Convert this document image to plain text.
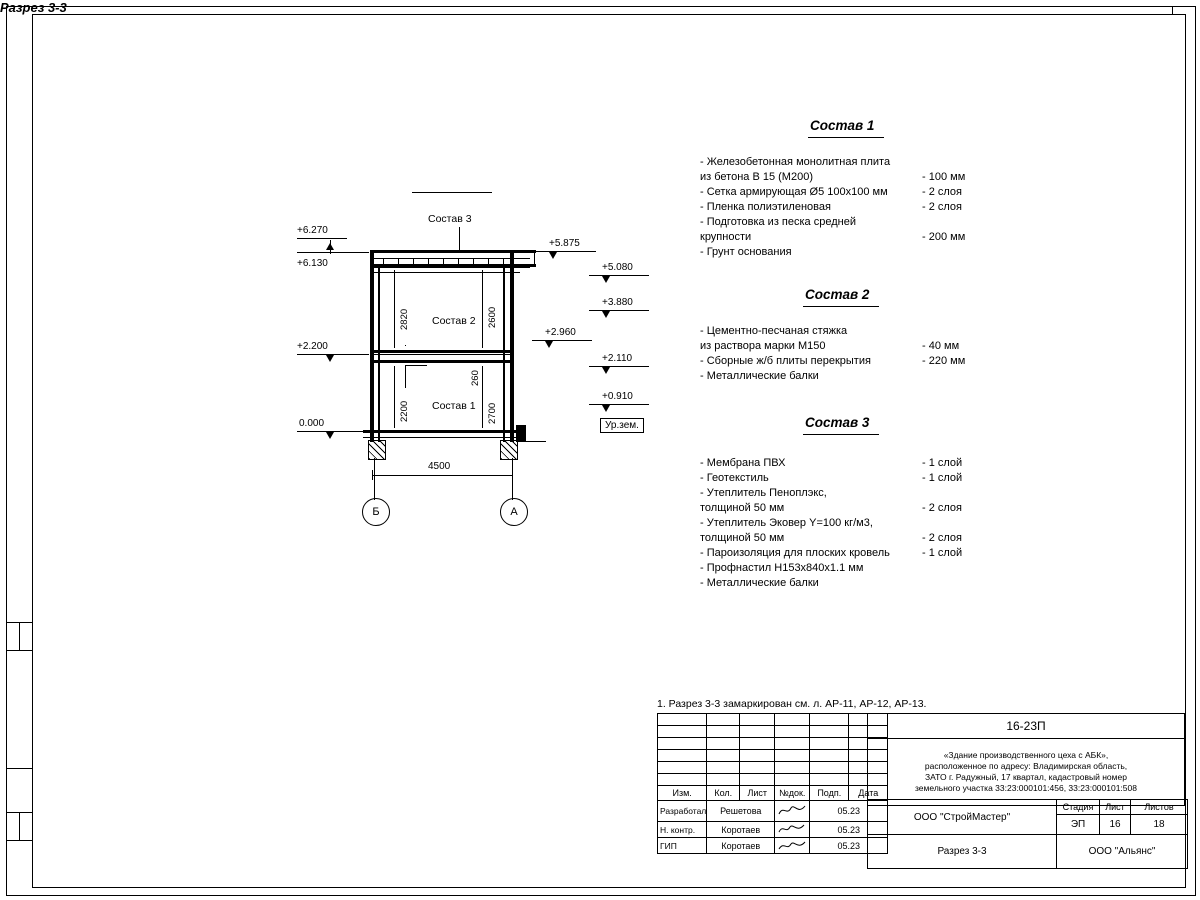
Разрез 3-3
Состав 3
Состав 2
Состав 1
2820	2600
2200
260
2700
+6.270
+6.130
+2.200
0.000
+5.875
+5.080
+3.880
+2.960
+2.110
+0.910
Ур.зем.
4500
Б	А
Состав 1
- Железобетонная монолитная плита
из бетона В 15 (М200)	- 100 мм
- Сетка армирующая Ø5 100х100 мм	- 2 слоя
- Пленка полиэтиленовая	- 2 слоя
- Подготовка из песка средней
крупности	- 200 мм
- Грунт основания
Состав 2
- Цементно-песчаная стяжка
из раствора марки М150	- 40 мм
- Сборные ж/б плиты перекрытия	- 220 мм
- Металлические балки
Состав 3
- Мембрана ПВХ	- 1 слой
- Геотекстиль	- 1 слой
- Утеплитель Пеноплэкс,
толщиной 50 мм	- 2 слоя
- Утеплитель Эковер Y=100 кг/м3,
толщиной 50 мм	- 2 слоя
- Пароизоляция для плоских кровель	- 1 слой
- Профнастил Н153х840х1.1 мм
- Металлические балки
1. Разрез 3-3 замаркирован см. л. АР-11, АР-12, АР-13.

Изм.	Кол.	Лист	№док.	Подп.	Дата
Разработал	Решетова			05.23	
Н. контр.	Коротаев			05.23	
ГИП	Коротаев			05.23	
16-23П

«Здание производственного цеха с АБК»,
расположенное по адресу: Владимирская область,
ЗАТО г. Радужный, 17 квартал, кадастровый номер
земельного участка 33:23:000101:456, 33:23:000101:508
ООО "СтройМастер"	Стадия	Лист	Листов
	ЭП	16	18
Разрез 3-3	ООО "Альянс"		
